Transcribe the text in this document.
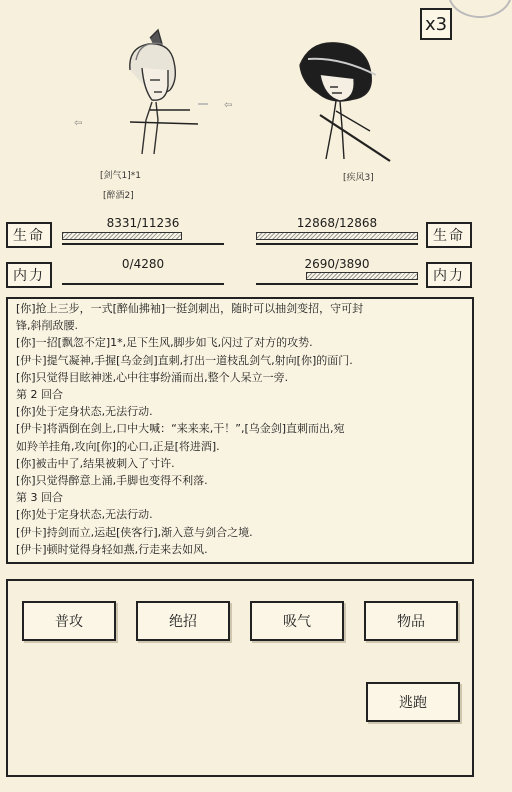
x3
⇦
⇦
[剑气1]*1
[醉酒2]
[疾风3]
生命
8331/11236
内力
0/4280
生命
12868/12868
内力
2690/3890
[你]抢上三步，一式[醉仙拂袖]一挺剑刺出，随时可以抽剑变招，守可封
锋,斜削敌腰.
[你]一招[飘忽不定]1*,足下生风,脚步如飞,闪过了对方的攻势.
[伊卡]提气凝神,手握[乌金剑]直刺,打出一道枝乱剑气,射向[你]的面门.
[你]只觉得目眩神迷,心中往事纷涌而出,整个人呆立一旁.
第 2 回合
[你]处于定身状态,无法行动.
[伊卡]将酒倒在剑上,口中大喊：“来来来,干！”,[乌金剑]直刺而出,宛
如羚羊挂角,攻向[你]的心口,正是[将进酒].
[你]被击中了,结果被刺入了寸许.
[你]只觉得醉意上涌,手脚也变得不利落.
第 3 回合
[你]处于定身状态,无法行动.
[伊卡]持剑而立,运起[侠客行],渐入意与剑合之境.
[伊卡]顿时觉得身轻如燕,行走来去如风.
普攻	绝招	吸气	物品
逃跑
